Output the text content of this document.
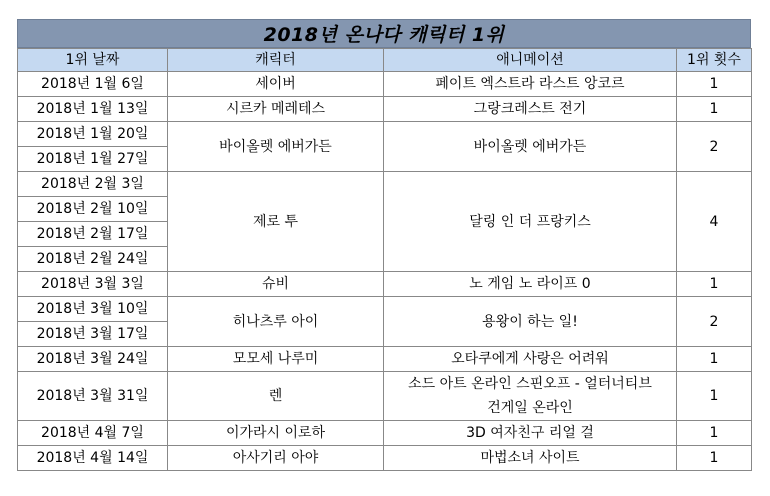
2018년 온나다 캐릭터 1위
1위 날짜	캐릭터	애니메이션	1위 횟수
2018년 1월 6일	세이버	페이트 엑스트라 라스트 앙코르	1
2018년 1월 13일	시르카 메레테스	그랑크레스트 전기	1
2018년 1월 20일	바이올렛 에버가든	바이올렛 에버가든	2
2018년 1월 27일			
2018년 2월 3일	제로 투	달링 인 더 프랑키스	4
2018년 2월 10일			
2018년 2월 17일			
2018년 2월 24일			
2018년 3월 3일	슈비	노 게임 노 라이프 0	1
2018년 3월 10일	히나츠루 아이	용왕이 하는 일!	2
2018년 3월 17일			
2018년 3월 24일	모모세 나루미	오타쿠에게 사랑은 어려워	1
2018년 3월 31일	렌	소드 아트 온라인 스핀오프 - 얼터너티브
건게일 온라인	1
2018년 4월 7일	이가라시 이로하	3D 여자친구 리얼 걸	1
2018년 4월 14일	아사기리 아야	마법소녀 사이트	1
